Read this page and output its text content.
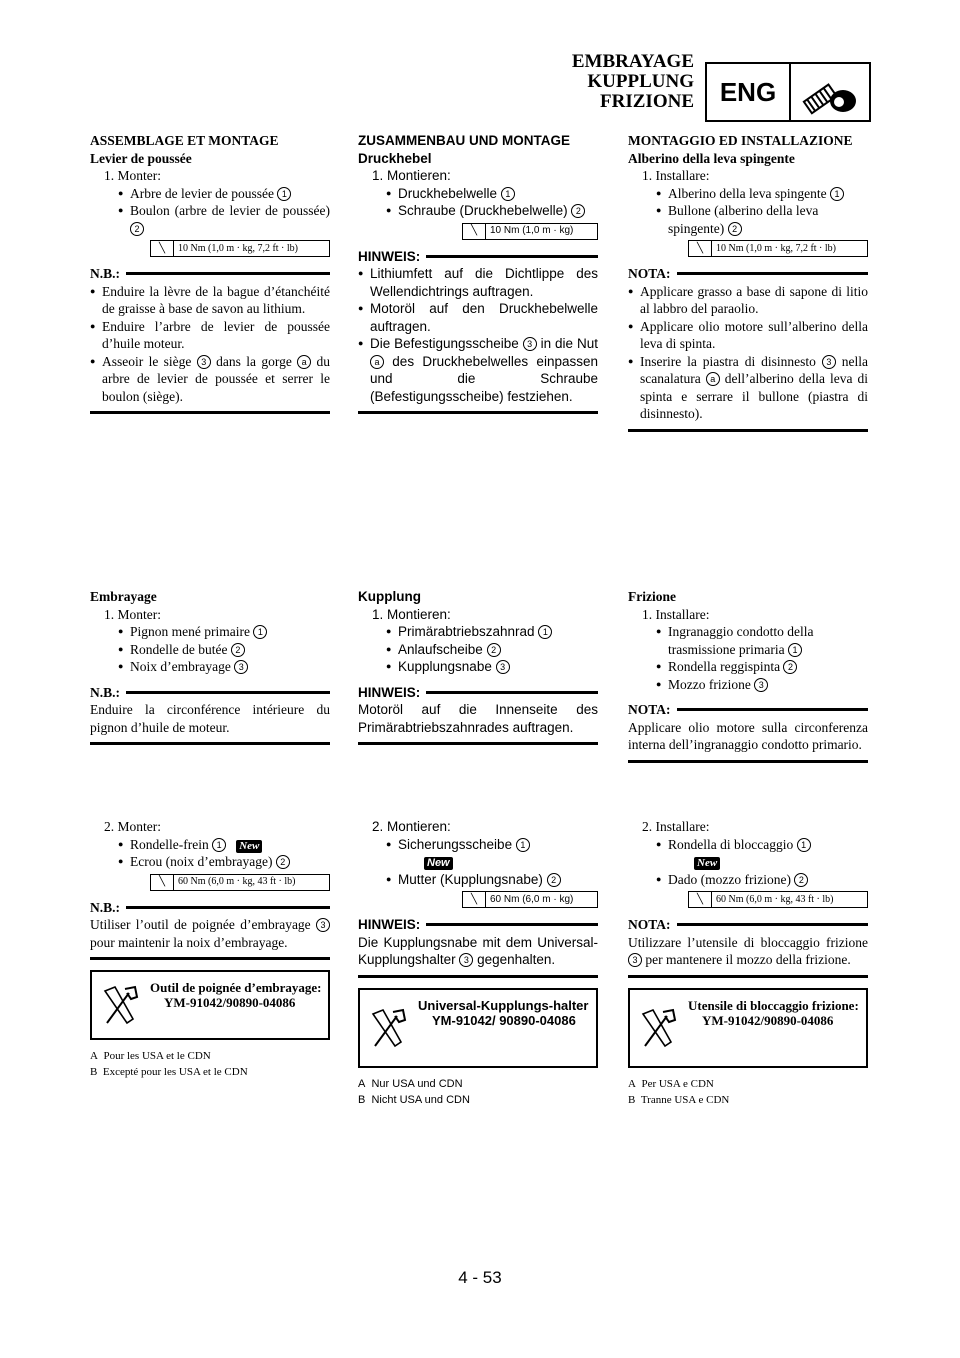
EMBRAYAGE
KUPPLUNG
FRIZIONE ENG
ASSEMBLAGE ET MONTAGE
Levier de poussée
1. Monter:
● Arbre de levier de poussée 1
● Boulon (arbre de levier de poussée) 2
╲	10 Nm (1,0 m · kg, 7,2 ft · lb)
N.B.:
● Enduire la lèvre de la bague d’étanchéité de graisse à base de savon au lithium.
● Enduire l’arbre de levier de poussée d’huile moteur.
● Asseoir le siège 3 dans la gorge a du arbre de levier de poussée et serrer le boulon (siège).
Embrayage
1. Monter:
● Pignon mené primaire 1
● Rondelle de butée 2
● Noix d’embrayage 3
N.B.:
Enduire la circonférence intérieure du pignon d’huile de moteur.
2. Monter:
● Rondelle-frein 1 New
● Ecrou (noix d’embrayage) 2
╲	60 Nm (6,0 m · kg, 43 ft · lb)
N.B.:
Utiliser l’outil de poignée d’embrayage 3 pour maintenir la noix d’embrayage.
Outil de poignée d’embrayage:
YM-91042/90890-04086
A Pour les USA et le CDN
B Excepté pour les USA et le CDN
ZUSAMMENBAU UND MONTAGE
Druckhebel
1. Montieren:
● Druckhebelwelle 1
● Schraube (Druckhebelwelle) 2
╲	10 Nm (1,0 m · kg)
HINWEIS:
● Lithiumfett auf die Dichtlippe des Wellendichtrings auftragen.
● Motoröl auf den Druckhebelwelle auftragen.
● Die Befestigungsscheibe 3 in die Nut a des Druckhebelwelles einpassen und die Schraube (Befestigungsscheibe) festziehen.
Kupplung
1. Montieren:
● Primärabtriebszahnrad 1
● Anlaufscheibe 2
● Kupplungsnabe 3
HINWEIS:
Motoröl auf die Innenseite des Primärabtriebszahnrades auftragen.
2. Montieren:
● Sicherungsscheibe 1
New
● Mutter (Kupplungsnabe) 2
╲	60 Nm (6,0 m · kg)
HINWEIS:
Die Kupplungsnabe mit dem Universal-Kupplungshalter 3 gegenhalten.
Universal-Kupplungs-halter
YM-91042/ 90890-04086
A Nur USA und CDN
B Nicht USA und CDN
MONTAGGIO ED INSTALLAZIONE
Alberino della leva spingente
1. Installare:
● Alberino della leva spingente 1
● Bullone (alberino della leva spingente) 2
╲	10 Nm (1,0 m · kg, 7,2 ft · lb)
NOTA:
● Applicare grasso a base di sapone di litio al labbro del paraolio.
● Applicare olio motore sull’alberino della leva di spinta.
● Inserire la piastra di disinnesto 3 nella scanalatura a dell’alberino della leva di spinta e serrare il bullone (piastra di disinnesto).
Frizione
1. Installare:
● Ingranaggio condotto della trasmissione primaria 1
● Rondella reggispinta 2
● Mozzo frizione 3
NOTA:
Applicare olio motore sulla circonferenza interna dell’ingranaggio condotto primario.
2. Installare:
● Rondella di bloccaggio 1
New
● Dado (mozzo frizione) 2
╲	60 Nm (6,0 m · kg, 43 ft · lb)
NOTA:
Utilizzare l’utensile di bloccaggio frizione 3 per mantenere il mozzo della frizione.
Utensile di bloccaggio frizione:
YM-91042/90890-04086
A Per USA e CDN
B Tranne USA e CDN
4 - 53
